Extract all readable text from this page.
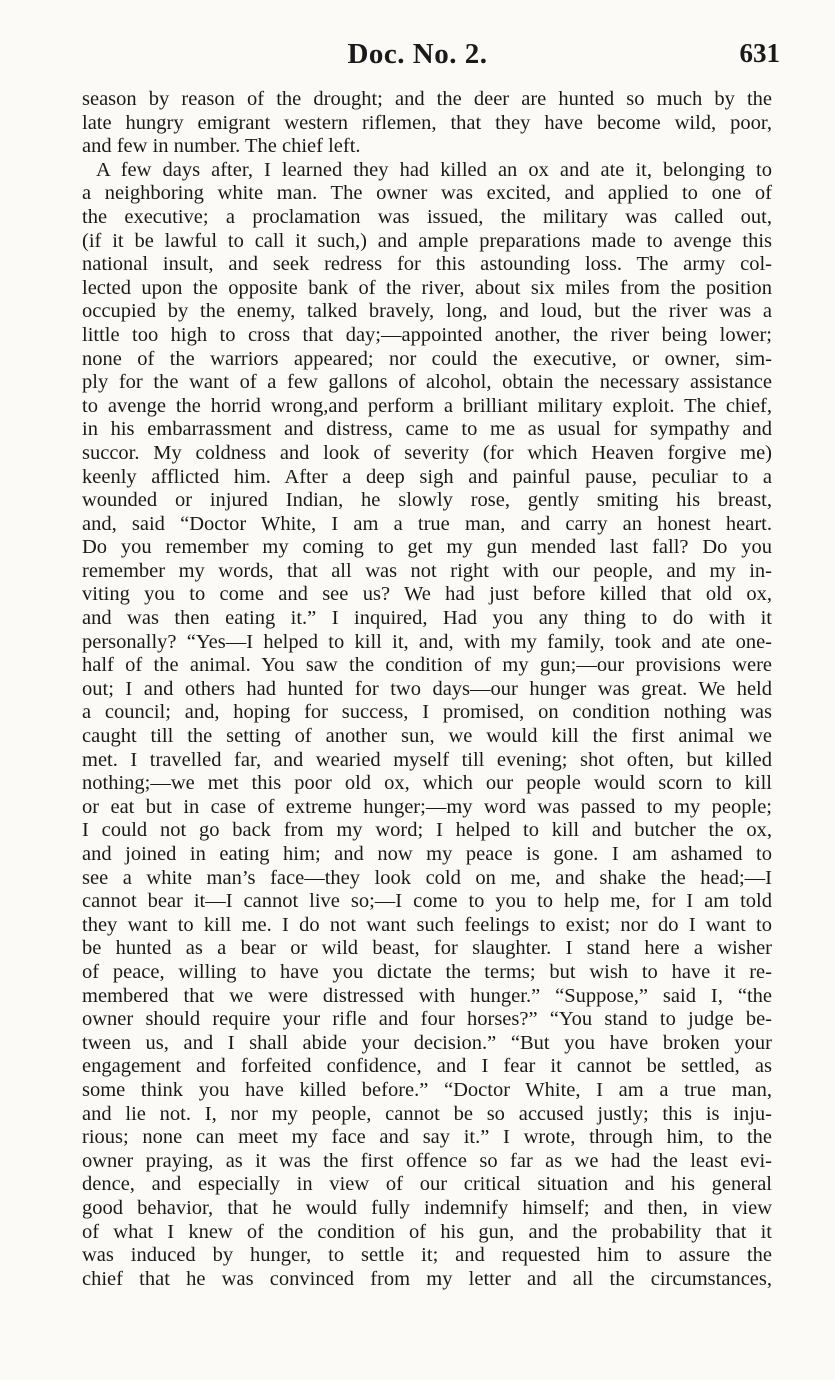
Doc. No. 2.	631
season by reason of the drought; and the deer are hunted so much by the
late hungry emigrant western riflemen, that they have become wild, poor,
and few in number. The chief left.
A few days after, I learned they had killed an ox and ate it, belonging to
a neighboring white man. The owner was excited, and applied to one of
the executive; a proclamation was issued, the military was called out,
(if it be lawful to call it such,) and ample preparations made to avenge this
national insult, and seek redress for this astounding loss. The army col-
lected upon the opposite bank of the river, about six miles from the position
occupied by the enemy, talked bravely, long, and loud, but the river was a
little too high to cross that day;—appointed another, the river being lower;
none of the warriors appeared; nor could the executive, or owner, sim-
ply for the want of a few gallons of alcohol, obtain the necessary assistance
to avenge the horrid wrong,and perform a brilliant military exploit. The chief,
in his embarrassment and distress, came to me as usual for sympathy and
succor. My coldness and look of severity (for which Heaven forgive me)
keenly afflicted him. After a deep sigh and painful pause, peculiar to a
wounded or injured Indian, he slowly rose, gently smiting his breast,
and, said “Doctor White, I am a true man, and carry an honest heart.
Do you remember my coming to get my gun mended last fall? Do you
remember my words, that all was not right with our people, and my in-
viting you to come and see us? We had just before killed that old ox,
and was then eating it.” I inquired, Had you any thing to do with it
personally? “Yes—I helped to kill it, and, with my family, took and ate one-
half of the animal. You saw the condition of my gun;—our provisions were
out; I and others had hunted for two days—our hunger was great. We held
a council; and, hoping for success, I promised, on condition nothing was
caught till the setting of another sun, we would kill the first animal we
met. I travelled far, and wearied myself till evening; shot often, but killed
nothing;—we met this poor old ox, which our people would scorn to kill
or eat but in case of extreme hunger;—my word was passed to my people;
I could not go back from my word; I helped to kill and butcher the ox,
and joined in eating him; and now my peace is gone. I am ashamed to
see a white man’s face—they look cold on me, and shake the head;—I
cannot bear it—I cannot live so;—I come to you to help me, for I am told
they want to kill me. I do not want such feelings to exist; nor do I want to
be hunted as a bear or wild beast, for slaughter. I stand here a wisher
of peace, willing to have you dictate the terms; but wish to have it re-
membered that we were distressed with hunger.” “Suppose,” said I, “the
owner should require your rifle and four horses?” “You stand to judge be-
tween us, and I shall abide your decision.” “But you have broken your
engagement and forfeited confidence, and I fear it cannot be settled, as
some think you have killed before.” “Doctor White, I am a true man,
and lie not. I, nor my people, cannot be so accused justly; this is inju-
rious; none can meet my face and say it.” I wrote, through him, to the
owner praying, as it was the first offence so far as we had the least evi-
dence, and especially in view of our critical situation and his general
good behavior, that he would fully indemnify himself; and then, in view
of what I knew of the condition of his gun, and the probability that it
was induced by hunger, to settle it; and requested him to assure the
chief that he was convinced from my letter and all the circumstances,
